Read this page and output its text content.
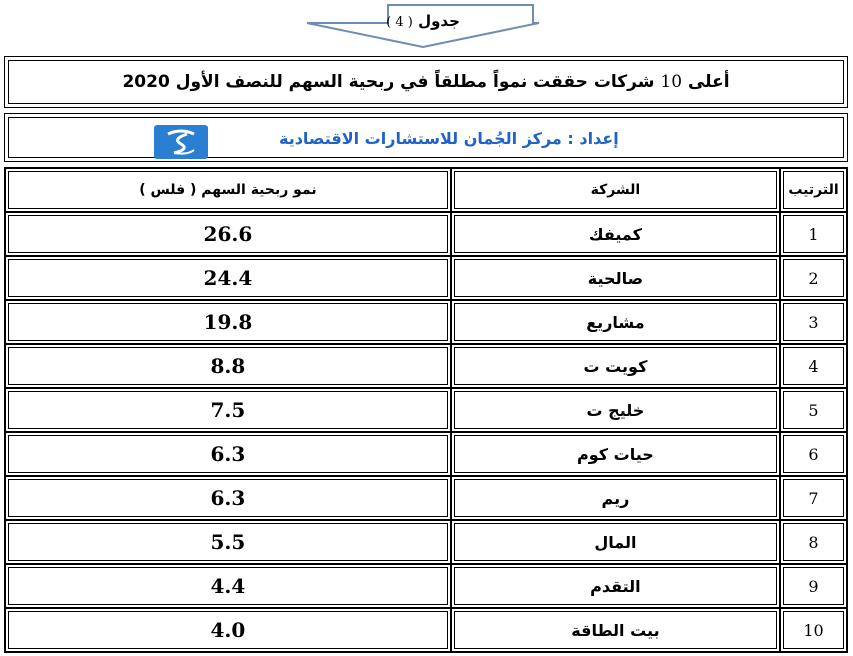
جدول ( 4 )
أعلى 10 شركات حققت نمواً مطلقاً في ربحية السهم للنصف الأول 2020
إعداد : مركز الجُمان للاستشارات الاقتصادية
نمو ربحية السهم ( فلس )	الشركة	الترتيب

26.6	كميفك	1

24.4	صالحية	2

19.8	مشاريع	3

8.8	كويت ت	4

7.5	خليج ت	5

6.3	حيات كوم	6

6.3	ريم	7

5.5	المال	8

4.4	التقدم	9

4.0	بيت الطاقة	10
